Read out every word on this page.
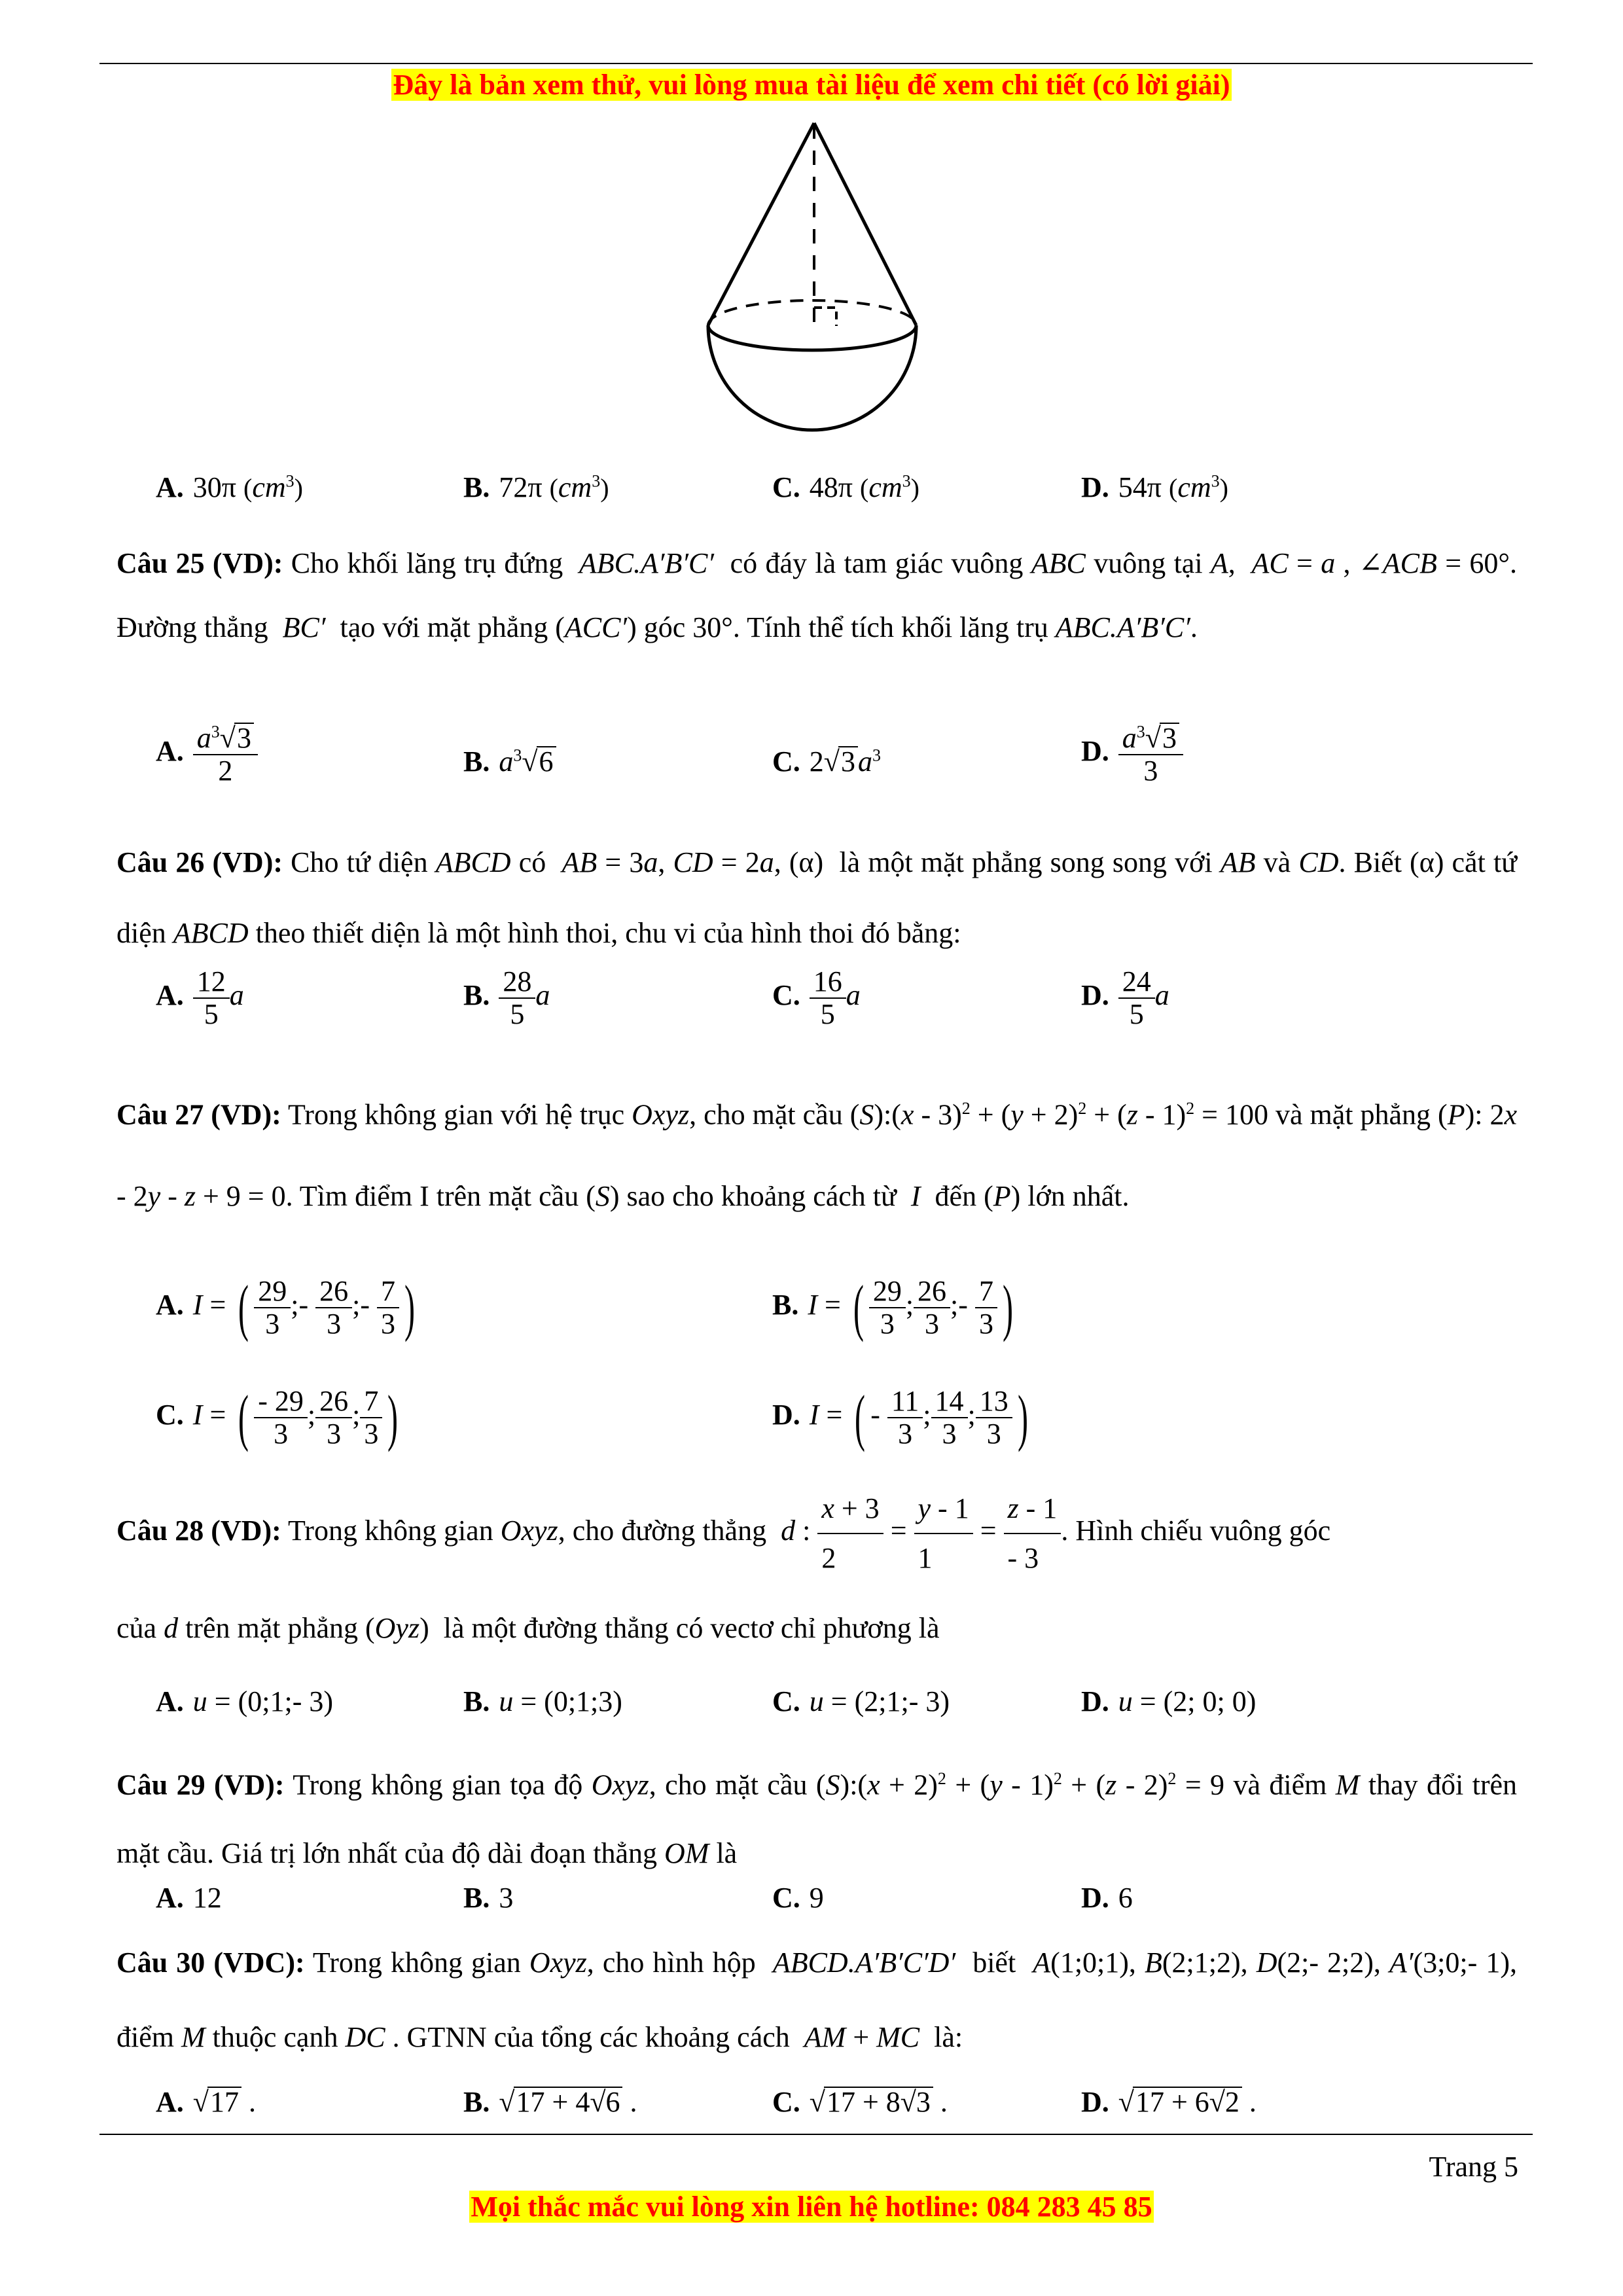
Đây là bản xem thử, vui lòng mua tài liệu để xem chi tiết (có lời giải)
A. 30π $(cm^3)$	B. 72π $(cm^3)$	C. 48π $(cm^3)$	D. 54π $(cm^3)$
Câu 25 (VD): Cho khối lăng trụ đứng  ABC.A′B′C′  có đáy là tam giác vuông ABC vuông tại A,  AC = a , ∠ACB = 60°. Đường thẳng  BC′  tạo với mặt phẳng (ACC′) góc 30°. Tính thể tích khối lăng trụ ABC.A′B′C′.
A. $\frac{a^3√3}{2}$	B. $a^3√6$	C. $2√3a^3$	D. $\frac{a^3√3}{3}$
Câu 26 (VD): Cho tứ diện ABCD có  AB = 3a, CD = 2a, (α)  là một mặt phẳng song song với AB và CD. Biết (α) cắt tứ diện ABCD theo thiết diện là một hình thoi, chu vi của hình thoi đó bằng:
A. $\frac{12}{5}$ a	B. $\frac{28}{5}$ a	C. $\frac{16}{5}$ a	D. $\frac{24}{5}$ a
Câu 27 (VD): Trong không gian với hệ trục Oxyz, cho mặt cầu (S):(x - $3)^2 + (y + 2)^2 + (z - 1)^2 = 100$ và mặt phẳng (P): 2x - 2y - z + 9 = 0. Tìm điểm I trên mặt cầu (S) sao cho khoảng cách từ  I  đến (P) lớn nhất.
A. I = ( $\frac{29}{3}$ ;- $\frac{26}{3}$ ;- $\frac{7}{3}$ )	B. I = ( $\frac{29}{3}$ ; $\frac{26}{3}$ ;- $\frac{7}{3}$ )
C. I = ( $\frac{- 29}{3}$ ; $\frac{26}{3}$ ; $\frac{7}{3}$ )	D. I = ( - $\frac{11}{3}$ ; $\frac{14}{3}$ ; $\frac{13}{3}$ )
Câu 28 (VD): Trong không gian Oxyz, cho đường thẳng  d : $\frac{x + 3}{2} = \frac{y - 1}{1} = \frac{z - 1}{- 3}$ . Hình chiếu vuông góc
của d trên mặt phẳng (Oyz)  là một đường thẳng có vectơ chỉ phương là
A. u = (0;1;- 3)	B. u = (0;1;3)	C. u = (2;1;- 3)	D. u = (2; 0; 0)
Câu 29 (VD): Trong không gian tọa độ Oxyz, cho mặt cầu (S):(x + 2)$^2$ + (y - 1)$^2$ + (z - 2)$^2$ = 9 và điểm M thay đổi trên mặt cầu. Giá trị lớn nhất của độ dài đoạn thẳng OM là
A. 12	B. 3	C. 9	D. 6
Câu 30 (VDC): Trong không gian Oxyz, cho hình hộp  ABCD.A′B′C′D′  biết  A(1;0;1), B(2;1;2), D(2;- 2;2), A′(3;0;- 1), điểm M thuộc cạnh DC . GTNN của tổng các khoảng cách  AM + MC  là:
A. √17 .	B. √17 + 4√6 .	C. √17 + 8√3 .	D. √17 + 6√2 .
Trang 5
Mọi thắc mắc vui lòng xin liên hệ hotline: 084 283 45 85
